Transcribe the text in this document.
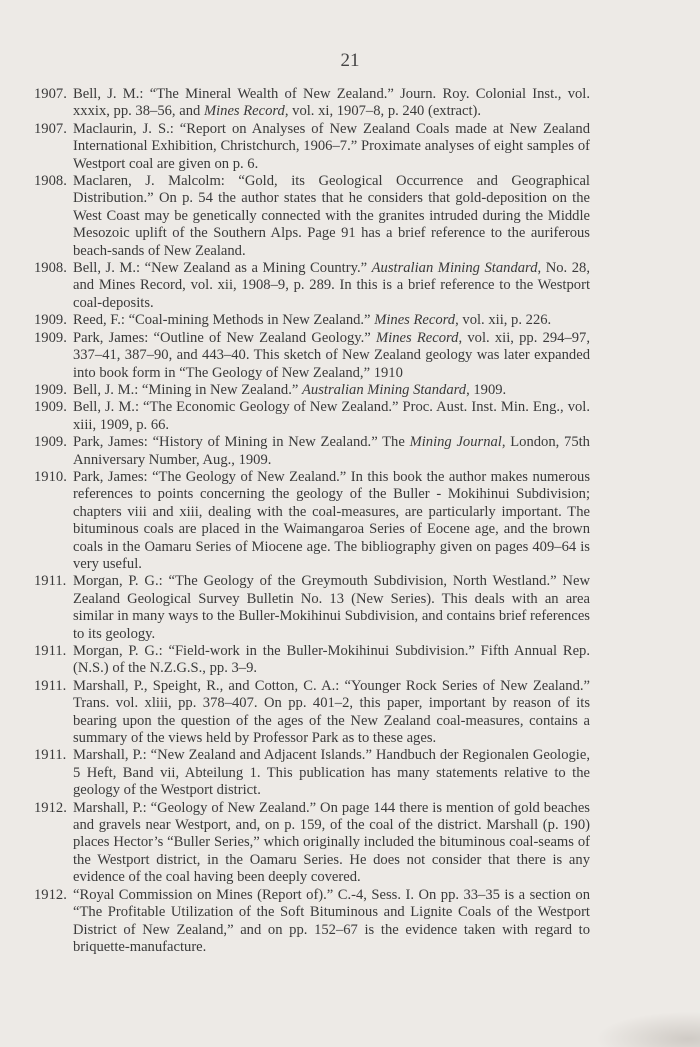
21
1907. Bell, J. M.: “The Mineral Wealth of New Zealand.” Journ. Roy. Colonial Inst., vol. xxxix, pp. 38–56, and Mines Record, vol. xi, 1907–8, p. 240 (extract).
1907. Maclaurin, J. S.: “Report on Analyses of New Zealand Coals made at New Zealand International Exhibition, Christchurch, 1906–7.” Proximate analyses of eight samples of Westport coal are given on p. 6.
1908. Maclaren, J. Malcolm: “Gold, its Geological Occurrence and Geographical Distribution.” On p. 54 the author states that he considers that gold-deposition on the West Coast may be genetically connected with the granites intruded during the Middle Mesozoic uplift of the Southern Alps. Page 91 has a brief reference to the auriferous beach-sands of New Zealand.
1908. Bell, J. M.: “New Zealand as a Mining Country.” Australian Mining Standard, No. 28, and Mines Record, vol. xii, 1908–9, p. 289. In this is a brief reference to the Westport coal-deposits.
1909. Reed, F.: “Coal-mining Methods in New Zealand.” Mines Record, vol. xii, p. 226.
1909. Park, James: “Outline of New Zealand Geology.” Mines Record, vol. xii, pp. 294–97, 337–41, 387–90, and 443–40. This sketch of New Zealand geology was later expanded into book form in “The Geology of New Zealand,” 1910
1909. Bell, J. M.: “Mining in New Zealand.” Australian Mining Standard, 1909.
1909. Bell, J. M.: “The Economic Geology of New Zealand.” Proc. Aust. Inst. Min. Eng., vol. xiii, 1909, p. 66.
1909. Park, James: “History of Mining in New Zealand.” The Mining Journal, London, 75th Anniversary Number, Aug., 1909.
1910. Park, James: “The Geology of New Zealand.” In this book the author makes numerous references to points concerning the geology of the Buller - Mokihinui Subdivision; chapters viii and xiii, dealing with the coal-measures, are particularly important. The bituminous coals are placed in the Waimangaroa Series of Eocene age, and the brown coals in the Oamaru Series of Miocene age. The bibliography given on pages 409–64 is very useful.
1911. Morgan, P. G.: “The Geology of the Greymouth Subdivision, North Westland.” New Zealand Geological Survey Bulletin No. 13 (New Series). This deals with an area similar in many ways to the Buller-Mokihinui Subdivision, and contains brief references to its geology.
1911. Morgan, P. G.: “Field-work in the Buller-Mokihinui Subdivision.” Fifth Annual Rep. (N.S.) of the N.Z.G.S., pp. 3–9.
1911. Marshall, P., Speight, R., and Cotton, C. A.: “Younger Rock Series of New Zealand.” Trans. vol. xliii, pp. 378–407. On pp. 401–2, this paper, important by reason of its bearing upon the question of the ages of the New Zealand coal-measures, contains a summary of the views held by Professor Park as to these ages.
1911. Marshall, P.: “New Zealand and Adjacent Islands.” Handbuch der Regionalen Geologie, 5 Heft, Band vii, Abteilung 1. This publication has many statements relative to the geology of the Westport district.
1912. Marshall, P.: “Geology of New Zealand.” On page 144 there is mention of gold beaches and gravels near Westport, and, on p. 159, of the coal of the district. Marshall (p. 190) places Hector’s “Buller Series,” which originally included the bituminous coal-seams of the Westport district, in the Oamaru Series. He does not consider that there is any evidence of the coal having been deeply covered.
1912. “Royal Commission on Mines (Report of).” C.-4, Sess. I. On pp. 33–35 is a section on “The Profitable Utilization of the Soft Bituminous and Lignite Coals of the Westport District of New Zealand,” and on pp. 152–67 is the evidence taken with regard to briquette-manufacture.
